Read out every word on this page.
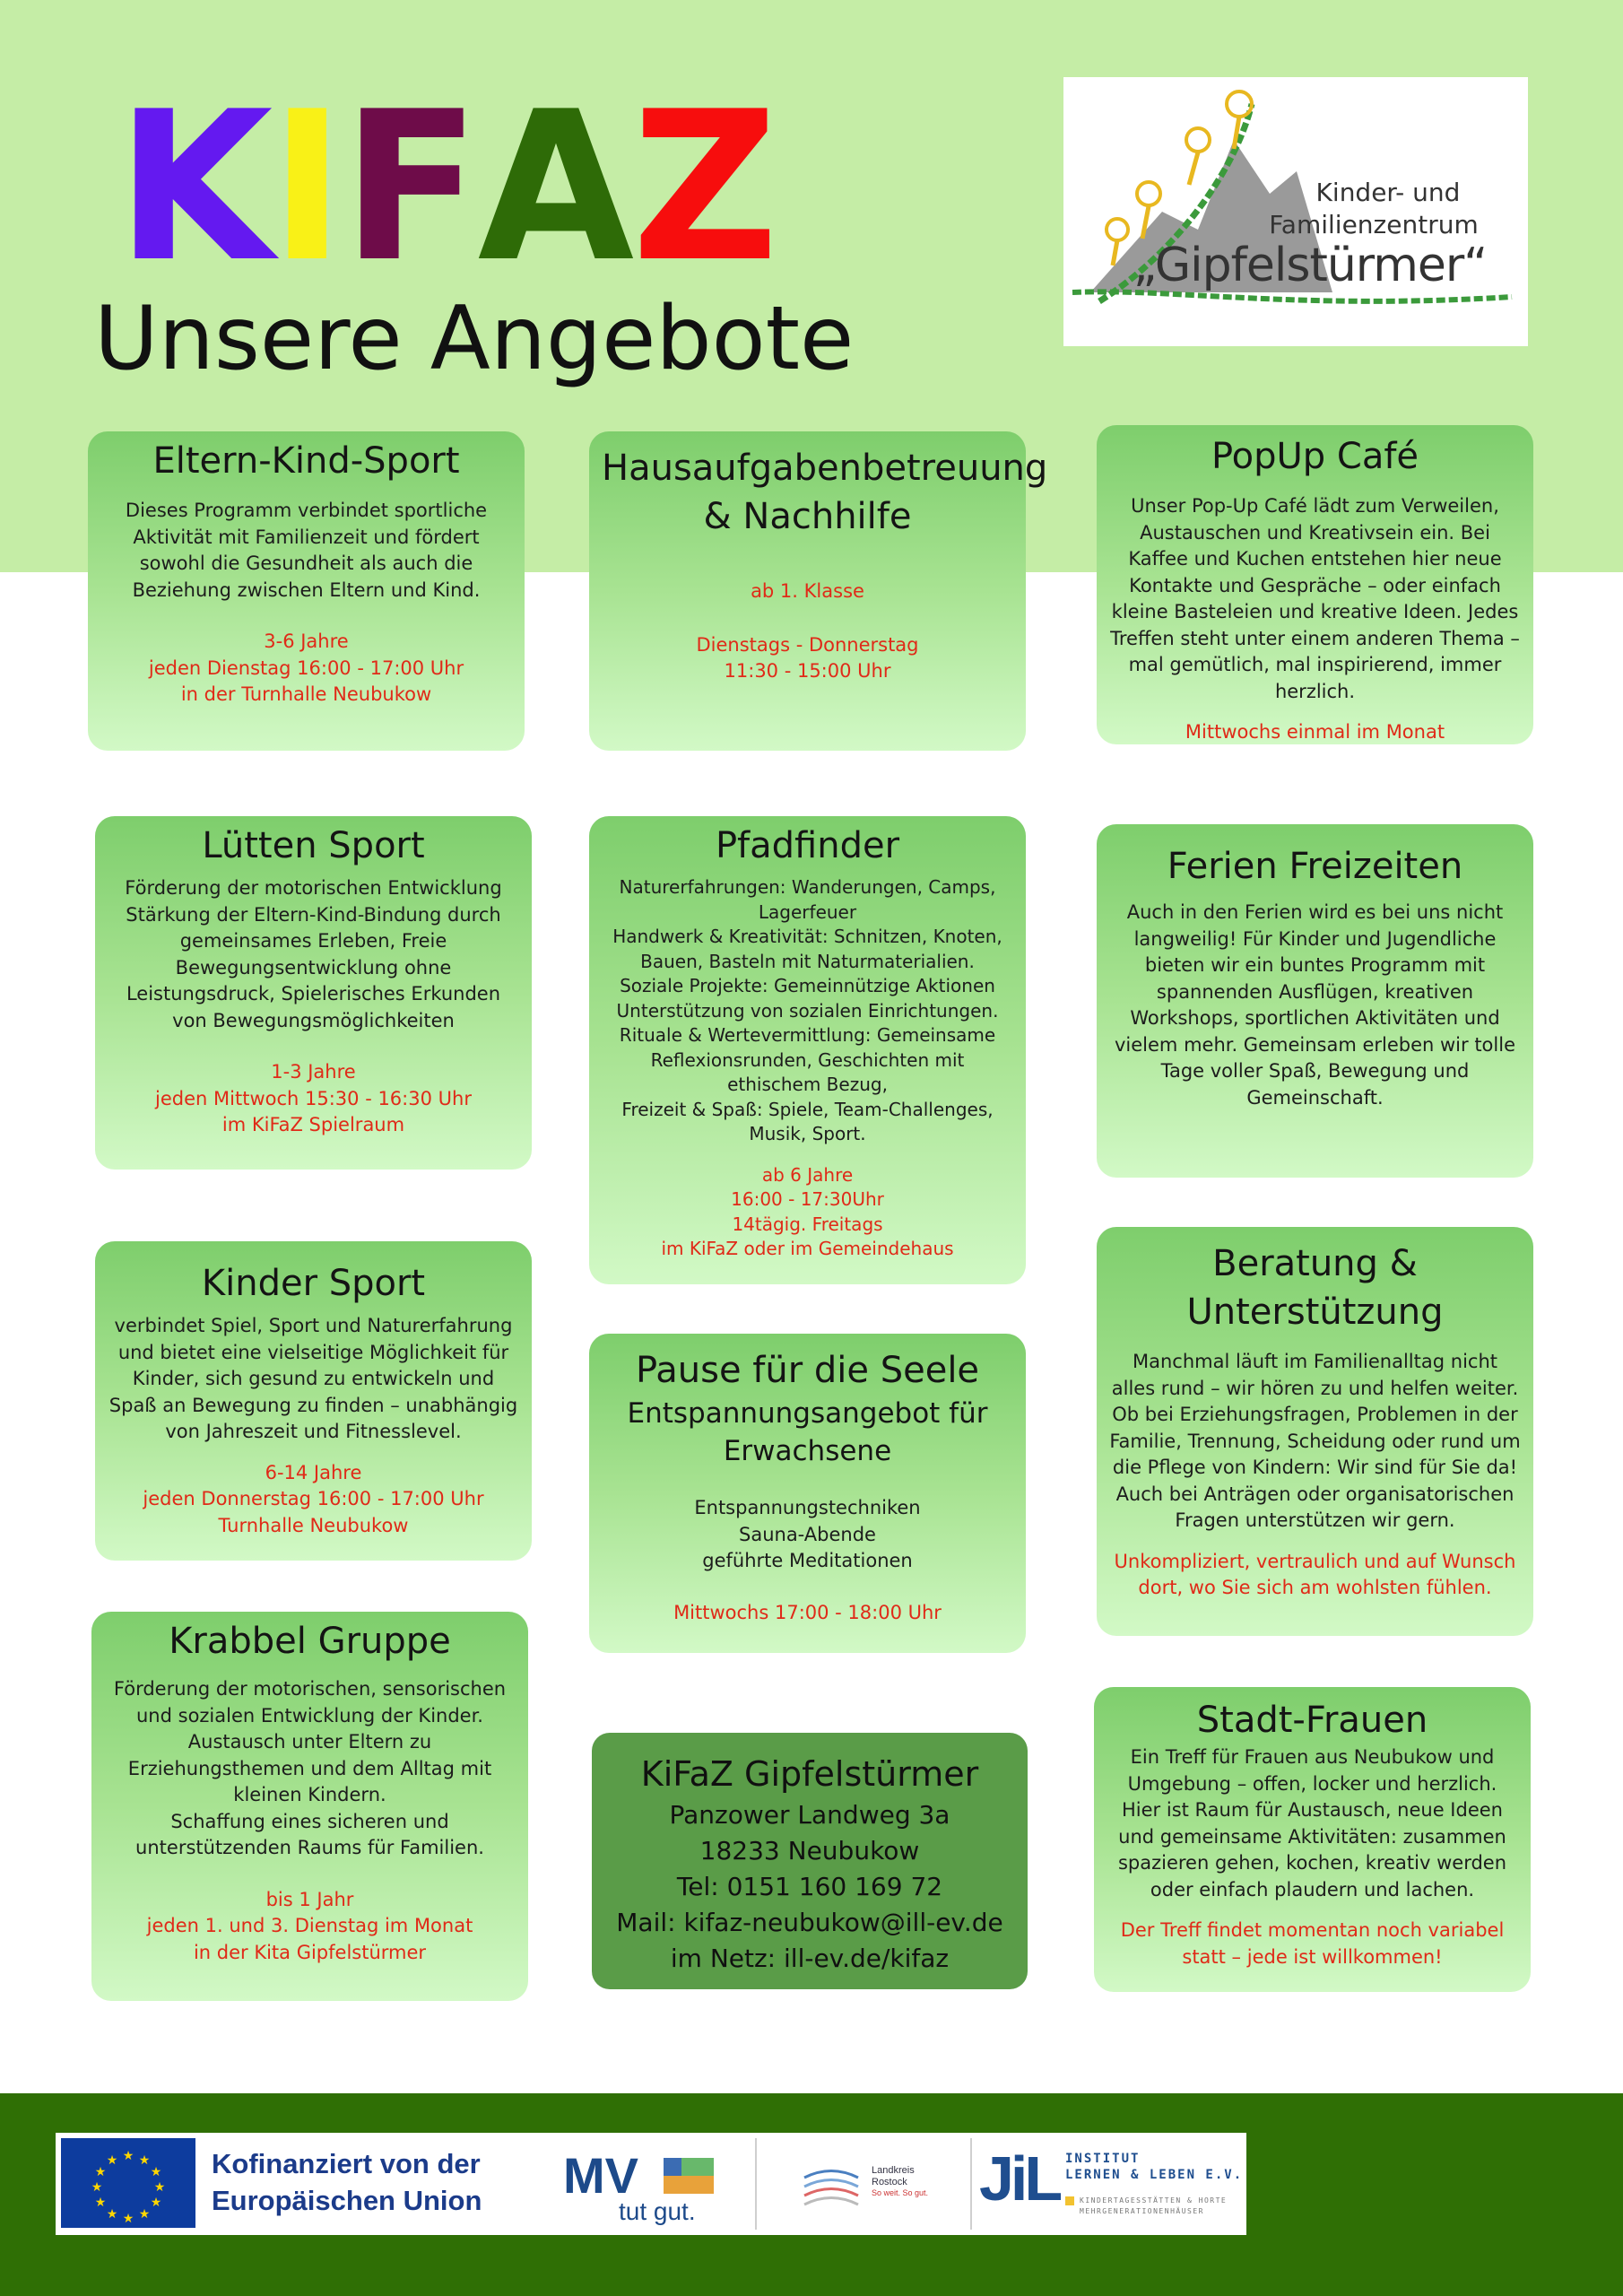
K I F A Z
Unsere Angebote
Kinder- und
Familienzentrum
„Gipfelstürmer“
Eltern-Kind-Sport

Dieses Programm verbindet sportliche Aktivität mit Familienzeit und fördert sowohl die Gesundheit als auch die Beziehung zwischen Eltern und Kind.

3-6 Jahre

jeden Dienstag 16:00 - 17:00 Uhr

in der Turnhalle Neubukow

Lütten Sport

Förderung der motorischen Entwicklung Stärkung der Eltern-Kind-Bindung durch gemeinsames Erleben, Freie Bewegungsentwicklung ohne Leistungsdruck, Spielerisches Erkunden von Bewegungsmöglichkeiten

1-3 Jahre

jeden Mittwoch 15:30 - 16:30 Uhr

im KiFaZ Spielraum

Kinder Sport

verbindet Spiel, Sport und Naturerfahrung und bietet eine vielseitige Möglichkeit für Kinder, sich gesund zu entwickeln und Spaß an Bewegung zu finden – unabhängig von Jahreszeit und Fitnesslevel.

6-14 Jahre

jeden Donnerstag 16:00 - 17:00 Uhr

Turnhalle Neubukow

Krabbel Gruppe

Förderung der motorischen, sensorischen und sozialen Entwicklung der Kinder. Austausch unter Eltern zu Erziehungsthemen und dem Alltag mit kleinen Kindern.

Schaffung eines sicheren und unterstützenden Raums für Familien.

bis 1 Jahr

jeden 1. und 3. Dienstag im Monat

in der Kita Gipfelstürmer

Hausaufgabenbetreuung
& Nachhilfe

ab 1. Klasse

Dienstags - Donnerstag

11:30 - 15:00 Uhr

Pfadfinder

Naturerfahrungen: Wanderungen, Camps, Lagerfeuer

Handwerk & Kreativität: Schnitzen, Knoten, Bauen, Basteln mit Naturmaterialien.

Soziale Projekte: Gemeinnützige Aktionen Unterstützung von sozialen Einrichtungen.

Rituale & Wertevermittlung: Gemeinsame Reflexionsrunden, Geschichten mit ethischem Bezug,

Freizeit & Spaß: Spiele, Team-Challenges, Musik, Sport.

ab 6 Jahre

16:00 - 17:30Uhr

14tägig. Freitags

im KiFaZ oder im Gemeindehaus

Pause für die Seele
Entspannungsangebot für
Erwachsene

Entspannungstechniken

Sauna-Abende

geführte Meditationen

Mittwochs 17:00 - 18:00 Uhr

KiFaZ Gipfelstürmer

Panzower Landweg 3a

18233 Neubukow

Tel: 0151 160 169 72

Mail: kifaz-neubukow@ill-ev.de

im Netz: ill-ev.de/kifaz

PopUp Café

Unser Pop-Up Café lädt zum Verweilen, Austauschen und Kreativsein ein. Bei Kaffee und Kuchen entstehen hier neue Kontakte und Gespräche – oder einfach kleine Basteleien und kreative Ideen. Jedes Treffen steht unter einem anderen Thema – mal gemütlich, mal inspirierend, immer herzlich.

Mittwochs einmal im Monat

Ferien Freizeiten

Auch in den Ferien wird es bei uns nicht langweilig! Für Kinder und Jugendliche bieten wir ein buntes Programm mit spannenden Ausflügen, kreativen Workshops, sportlichen Aktivitäten und vielem mehr. Gemeinsam erleben wir tolle Tage voller Spaß, Bewegung und Gemeinschaft.

Beratung &
Unterstützung

Manchmal läuft im Familienalltag nicht alles rund – wir hören zu und helfen weiter. Ob bei Erziehungsfragen, Problemen in der Familie, Trennung, Scheidung oder rund um die Pflege von Kindern: Wir sind für Sie da! Auch bei Anträgen oder organisatorischen Fragen unterstützen wir gern.

Unkompliziert, vertraulich und auf Wunsch dort, wo Sie sich am wohlsten fühlen.

Stadt-Frauen

Ein Treff für Frauen aus Neubukow und Umgebung – offen, locker und herzlich. Hier ist Raum für Austausch, neue Ideen und gemeinsame Aktivitäten: zusammen spazieren gehen, kochen, kreativ werden oder einfach plaudern und lachen.

Der Treff findet momentan noch variabel statt – jede ist willkommen!

★ ★
★
★
★
★
★
★
★
★
★
★	Kofinanziert von der
Europäischen Union MV
tut gut.
Landkreis
Rostock
So weit. So gut. JiL INSTITUT
LERNEN & LEBEN E.V.
KINDERTAGESSTÄTTEN & HORTE
MEHRGENERATIONENHÄUSER
